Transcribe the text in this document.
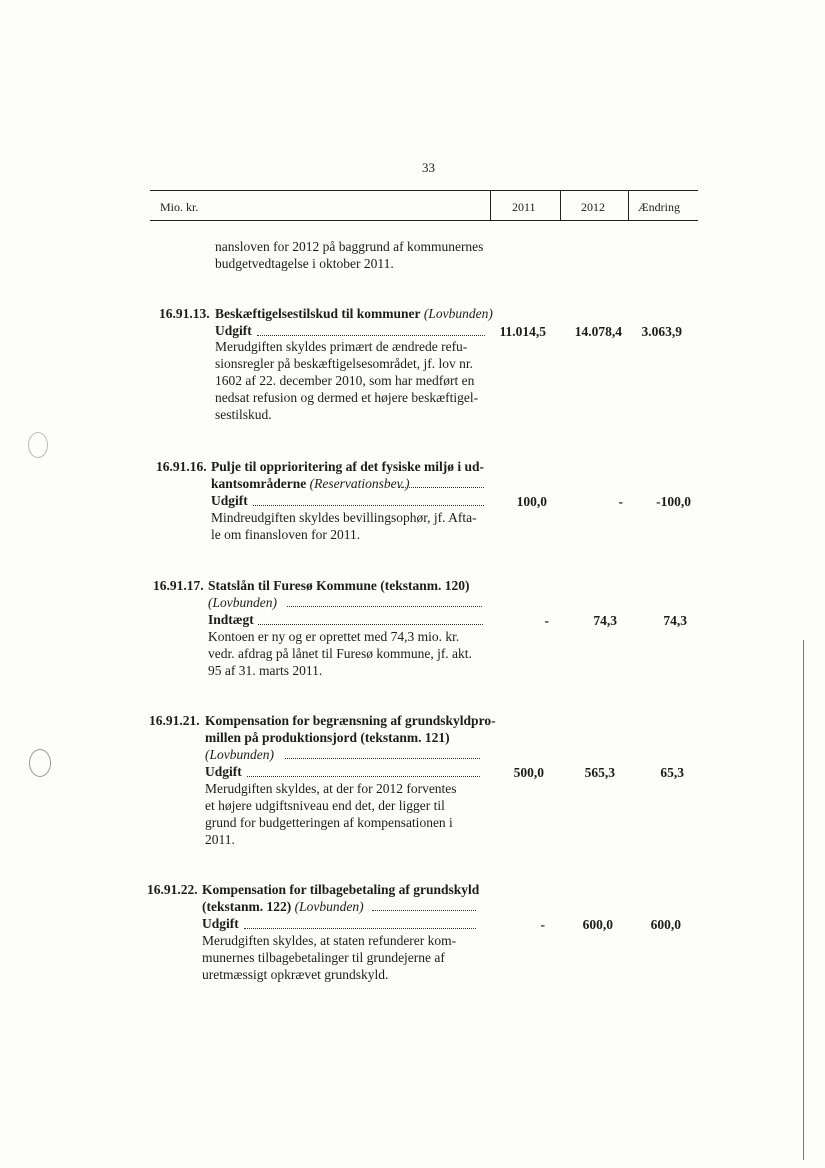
33
Mio. kr.	2011	2012	Ændring
nansloven for 2012 på baggrund af kommunernes
budgetvedtagelse i oktober 2011.
16.91.13. Beskæftigelsestilskud til kommuner (Lovbunden)
Udgift	11.014,5	14.078,4	3.063,9
Merudgiften skyldes primært de ændrede refu-
sionsregler på beskæftigelsesområdet, jf. lov nr.
1602 af 22. december 2010, som har medført en
nedsat refusion og dermed et højere beskæftigel-
sestilskud.
16.91.16. Pulje til opprioritering af det fysiske miljø i ud-
kantsområderne (Reservationsbev.)
Udgift	100,0	-	-100,0
Mindreudgiften skyldes bevillingsophør, jf. Afta-
le om finansloven for 2011.
16.91.17. Statslån til Furesø Kommune (tekstanm. 120)
(Lovbunden)
Indtægt	-	74,3	74,3
Kontoen er ny og er oprettet med 74,3 mio. kr.
vedr. afdrag på lånet til Furesø kommune, jf. akt.
95 af 31. marts 2011.
16.91.21. Kompensation for begrænsning af grundskyldpro-
millen på produktionsjord (tekstanm. 121)
(Lovbunden)
Udgift	500,0	565,3	65,3
Merudgiften skyldes, at der for 2012 forventes
et højere udgiftsniveau end det, der ligger til
grund for budgetteringen af kompensationen i
2011.
16.91.22. Kompensation for tilbagebetaling af grundskyld
(tekstanm. 122) (Lovbunden)
Udgift	-	600,0	600,0
Merudgiften skyldes, at staten refunderer kom-
munernes tilbagebetalinger til grundejerne af
uretmæssigt opkrævet grundskyld.
